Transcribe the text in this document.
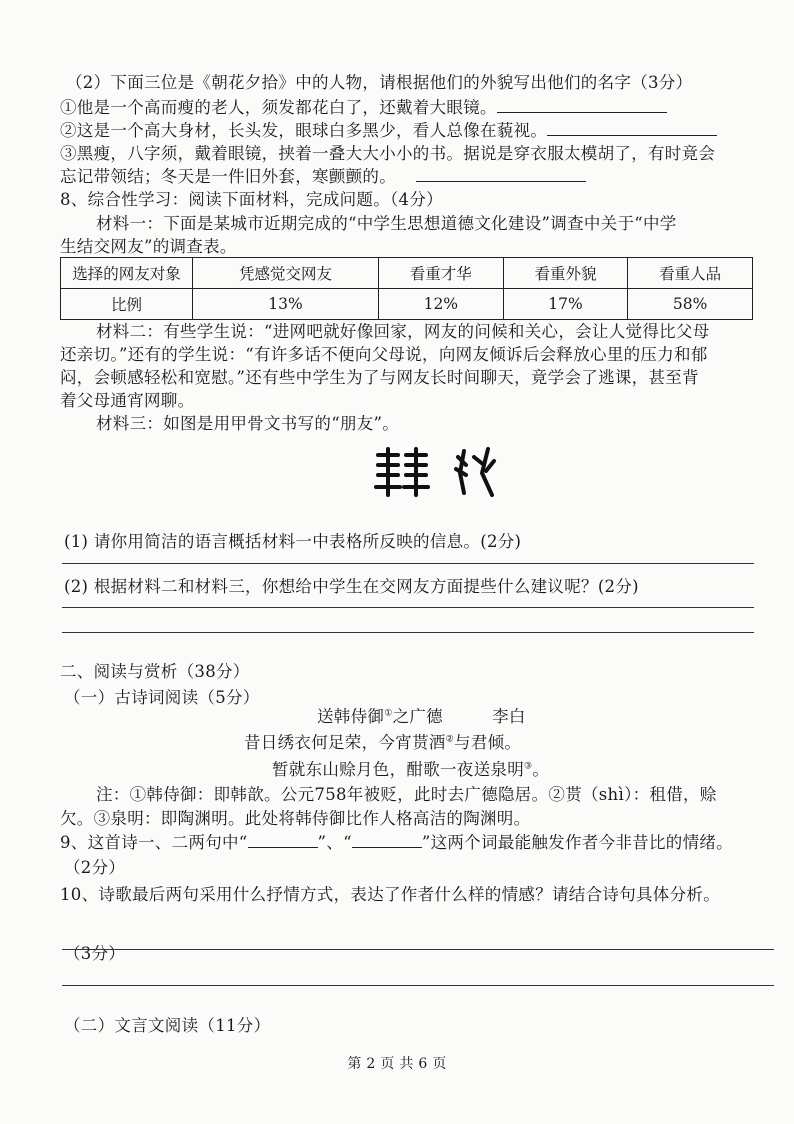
（2）下面三位是《朝花夕拾》中的人物，请根据他们的外貌写出他们的名字（3分）
①他是一个高而瘦的老人，须发都花白了，还戴着大眼镜。
②这是一个高大身材，长头发，眼球白多黑少，看人总像在藐视。
③黑瘦，八字须，戴着眼镜，挟着一叠大大小小的书。据说是穿衣服太模胡了，有时竟会
忘记带领结；冬天是一件旧外套，寒颤颤的。
8、综合性学习：阅读下面材料，完成问题。（4分）
材料一：下面是某城市近期完成的“中学生思想道德文化建设”调查中关于“中学
生结交网友”的调查表。
选择的网友对象	凭感觉交网友	看重才华	看重外貌	看重人品
比例	13%	12%	17%	58%
材料二：有些学生说：“进网吧就好像回家，网友的问候和关心，会让人觉得比父母
还亲切。”还有的学生说：“有许多话不便向父母说，向网友倾诉后会释放心里的压力和郁
闷，会顿感轻松和宽慰。”还有些中学生为了与网友长时间聊天，竟学会了逃课，甚至背
着父母通宵网聊。
材料三：如图是用甲骨文书写的“朋友”。
朋友
(1) 请你用简洁的语言概括材料一中表格所反映的信息。(2分)
(2) 根据材料二和材料三，你想给中学生在交网友方面提些什么建议呢？(2分)
二、阅读与赏析（38分）
（一）古诗词阅读（5分）
送韩侍御①之广德	李白
昔日绣衣何足荣，今宵贳酒②与君倾。
暂就东山赊月色，酣歌一夜送泉明③。
注：①韩侍御：即韩歆。公元758年被贬，此时去广德隐居。②贳（shì）：租借，赊
欠。③泉明：即陶渊明。此处将韩侍御比作人格高洁的陶渊明。
9、这首诗一、二两句中“	”、“	”这两个词最能触发作者今非昔比的情绪。
（2分）
10、诗歌最后两句采用什么抒情方式，表达了作者什么样的情感？请结合诗句具体分析。
（3分）
（二）文言文阅读（11分）
第 2 页 共 6 页
